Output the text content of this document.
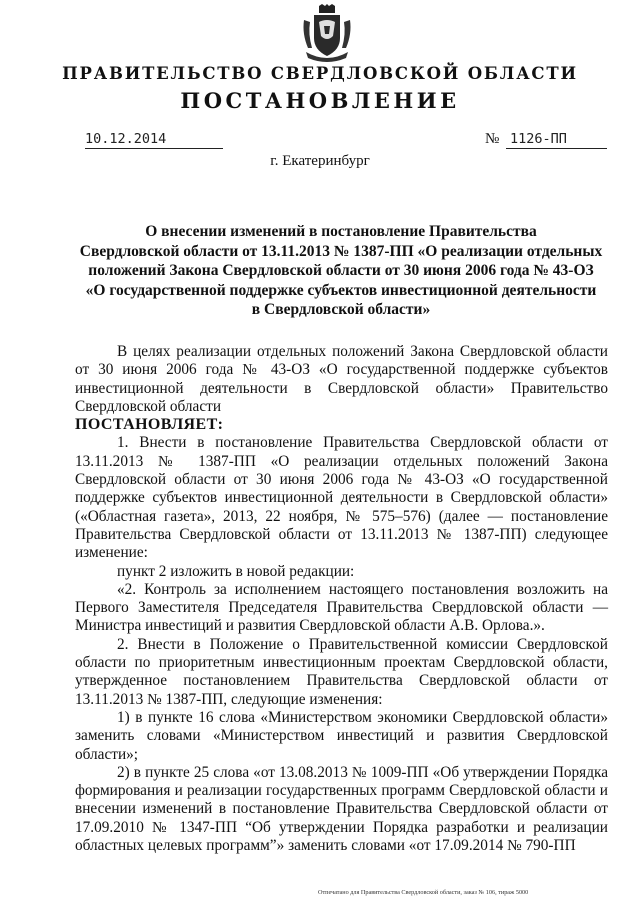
ПРАВИТЕЛЬСТВО СВЕРДЛОВСКОЙ ОБЛАСТИ
ПОСТАНОВЛЕНИЕ
10.12.2014	№ 1126-ПП
г. Екатеринбург
О внесении изменений в постановление Правительства
Свердловской области от 13.11.2013 № 1387-ПП «О реализации отдельных
положений Закона Свердловской области от 30 июня 2006 года № 43-ОЗ
«О государственной поддержке субъектов инвестиционной деятельности
в Свердловской области»

В целях реализации отдельных положений Закона Свердловской области от 30 июня 2006 года № 43-ОЗ «О государственной поддержке субъектов инвестиционной деятельности в Свердловской области» Правительство Свердловской области

ПОСТАНОВЛЯЕТ:

1. Внести в постановление Правительства Свердловской области от 13.11.2013 № 1387-ПП «О реализации отдельных положений Закона Свердловской области от 30 июня 2006 года № 43-ОЗ «О государственной поддержке субъектов инвестиционной деятельности в Свердловской области» («Областная газета», 2013, 22 ноября, № 575–576) (далее — постановление Правительства Свердловской области от 13.11.2013 № 1387-ПП) следующее изменение:

пункт 2 изложить в новой редакции:

«2. Контроль за исполнением настоящего постановления возложить на Первого Заместителя Председателя Правительства Свердловской области — Министра инвестиций и развития Свердловской области А.В. Орлова.».

2. Внести в Положение о Правительственной комиссии Свердловской области по приоритетным инвестиционным проектам Свердловской области, утвержденное постановлением Правительства Свердловской области от 13.11.2013 № 1387-ПП, следующие изменения:

1) в пункте 16 слова «Министерством экономики Свердловской области» заменить словами «Министерством инвестиций и развития Свердловской области»;

2) в пункте 25 слова «от 13.08.2013 № 1009-ПП «Об утверждении Порядка формирования и реализации государственных программ Свердловской области и внесении изменений в постановление Правительства Свердловской области от 17.09.2010 № 1347-ПП “Об утверждении Порядка разработки и реализации областных целевых программ”» заменить словами «от 17.09.2014 № 790-ПП

Отпечатано для Правительства Свердловской области, заказ № 106, тираж 5000
